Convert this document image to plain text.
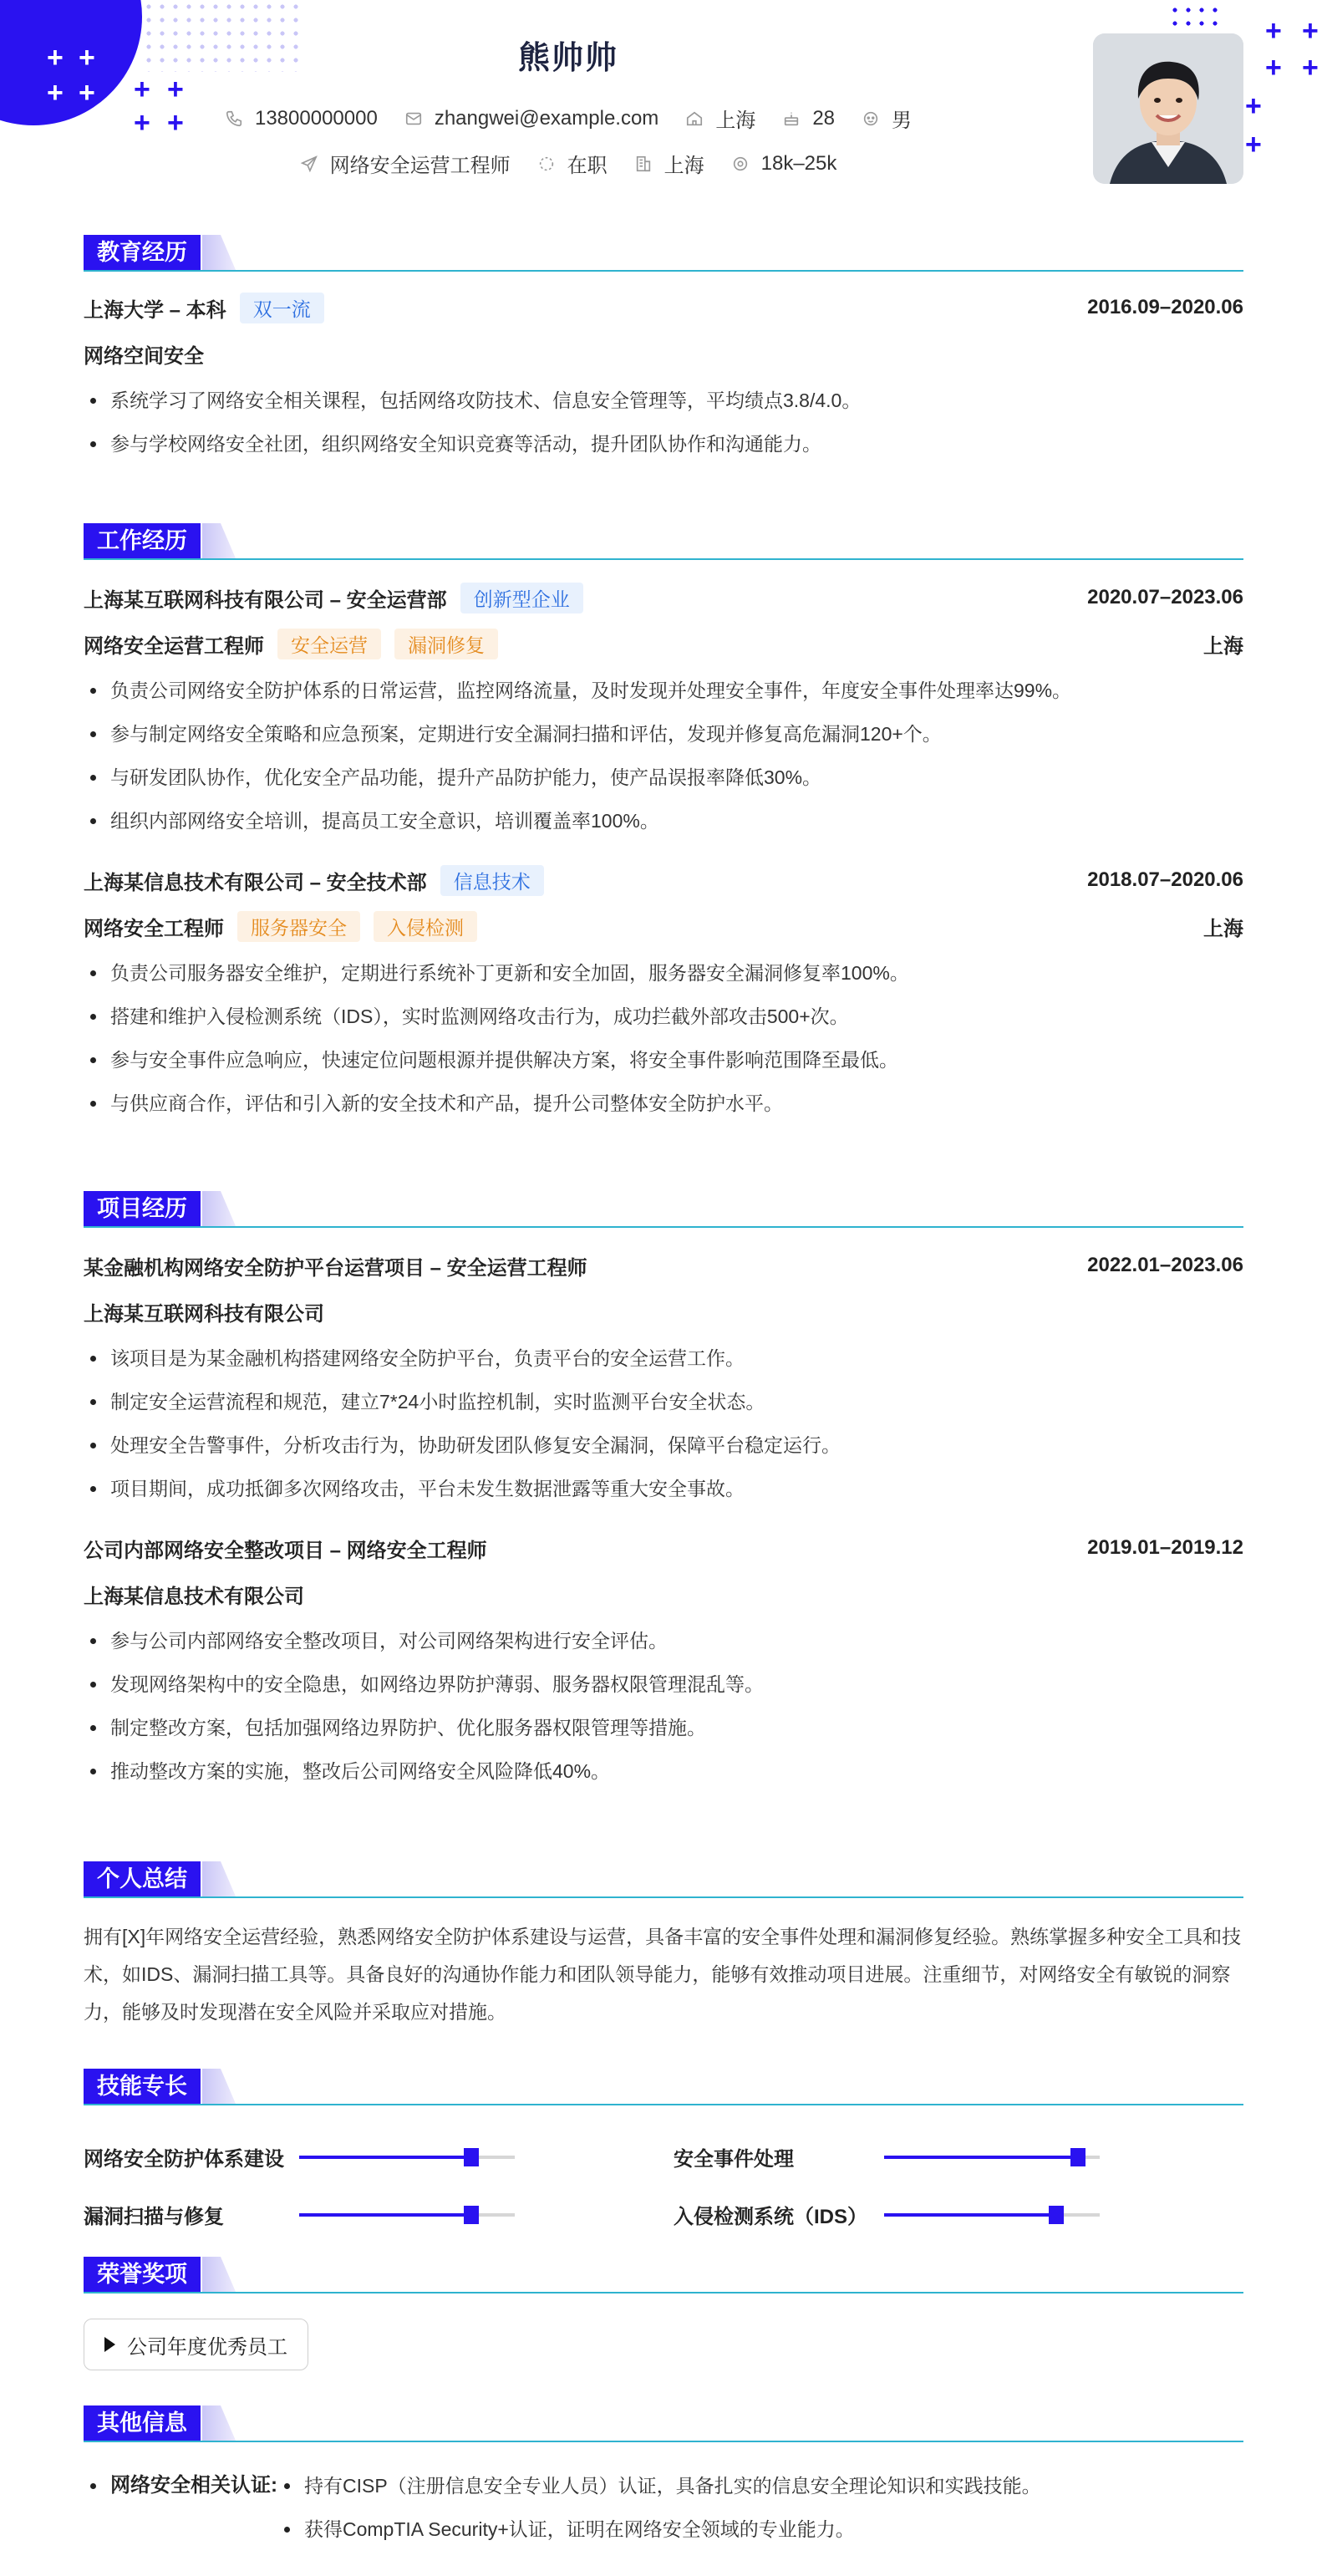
+ +
+ + + +
+ +
+ +
+ +
+
+
熊帅帅
13800000000	zhangwei@example.com	上海	28	男
网络安全运营工程师	在职	上海	18k–25k
教育经历
上海大学 – 本科	双一流	2016.09–2020.06
网络空间安全
系统学习了网络安全相关课程，包括网络攻防技术、信息安全管理等，平均绩点3.8/4.0。
参与学校网络安全社团，组织网络安全知识竞赛等活动，提升团队协作和沟通能力。
工作经历
上海某互联网科技有限公司 – 安全运营部	创新型企业	2020.07–2023.06
网络安全运营工程师	安全运营	漏洞修复	上海
负责公司网络安全防护体系的日常运营，监控网络流量，及时发现并处理安全事件，年度安全事件处理率达99%。
参与制定网络安全策略和应急预案，定期进行安全漏洞扫描和评估，发现并修复高危漏洞120+个。
与研发团队协作，优化安全产品功能，提升产品防护能力，使产品误报率降低30%。
组织内部网络安全培训，提高员工安全意识，培训覆盖率100%。
上海某信息技术有限公司 – 安全技术部	信息技术	2018.07–2020.06
网络安全工程师	服务器安全	入侵检测	上海
负责公司服务器安全维护，定期进行系统补丁更新和安全加固，服务器安全漏洞修复率100%。
搭建和维护入侵检测系统（IDS），实时监测网络攻击行为，成功拦截外部攻击500+次。
参与安全事件应急响应，快速定位问题根源并提供解决方案，将安全事件影响范围降至最低。
与供应商合作，评估和引入新的安全技术和产品，提升公司整体安全防护水平。
项目经历
某金融机构网络安全防护平台运营项目 – 安全运营工程师	2022.01–2023.06
上海某互联网科技有限公司
该项目是为某金融机构搭建网络安全防护平台，负责平台的安全运营工作。
制定安全运营流程和规范，建立7*24小时监控机制，实时监测平台安全状态。
处理安全告警事件，分析攻击行为，协助研发团队修复安全漏洞，保障平台稳定运行。
项目期间，成功抵御多次网络攻击，平台未发生数据泄露等重大安全事故。
公司内部网络安全整改项目 – 网络安全工程师	2019.01–2019.12
上海某信息技术有限公司
参与公司内部网络安全整改项目，对公司网络架构进行安全评估。
发现网络架构中的安全隐患，如网络边界防护薄弱、服务器权限管理混乱等。
制定整改方案，包括加强网络边界防护、优化服务器权限管理等措施。
推动整改方案的实施，整改后公司网络安全风险降低40%。
个人总结
拥有[X]年网络安全运营经验，熟悉网络安全防护体系建设与运营，具备丰富的安全事件处理和漏洞修复经验。熟练掌握多种安全工具和技术，如IDS、漏洞扫描工具等。具备良好的沟通协作能力和团队领导能力，能够有效推动项目进展。注重细节，对网络安全有敏锐的洞察力，能够及时发现潜在安全风险并采取应对措施。
技能专长
网络安全防护体系建设	安全事件处理
漏洞扫描与修复	入侵检测系统（IDS）
荣誉奖项
公司年度优秀员工
其他信息
网络安全相关认证:	持有CISP（注册信息安全专业人员）认证，具备扎实的信息安全理论知识和实践技能。
获得CompTIA Security+认证，证明在网络安全领域的专业能力。
